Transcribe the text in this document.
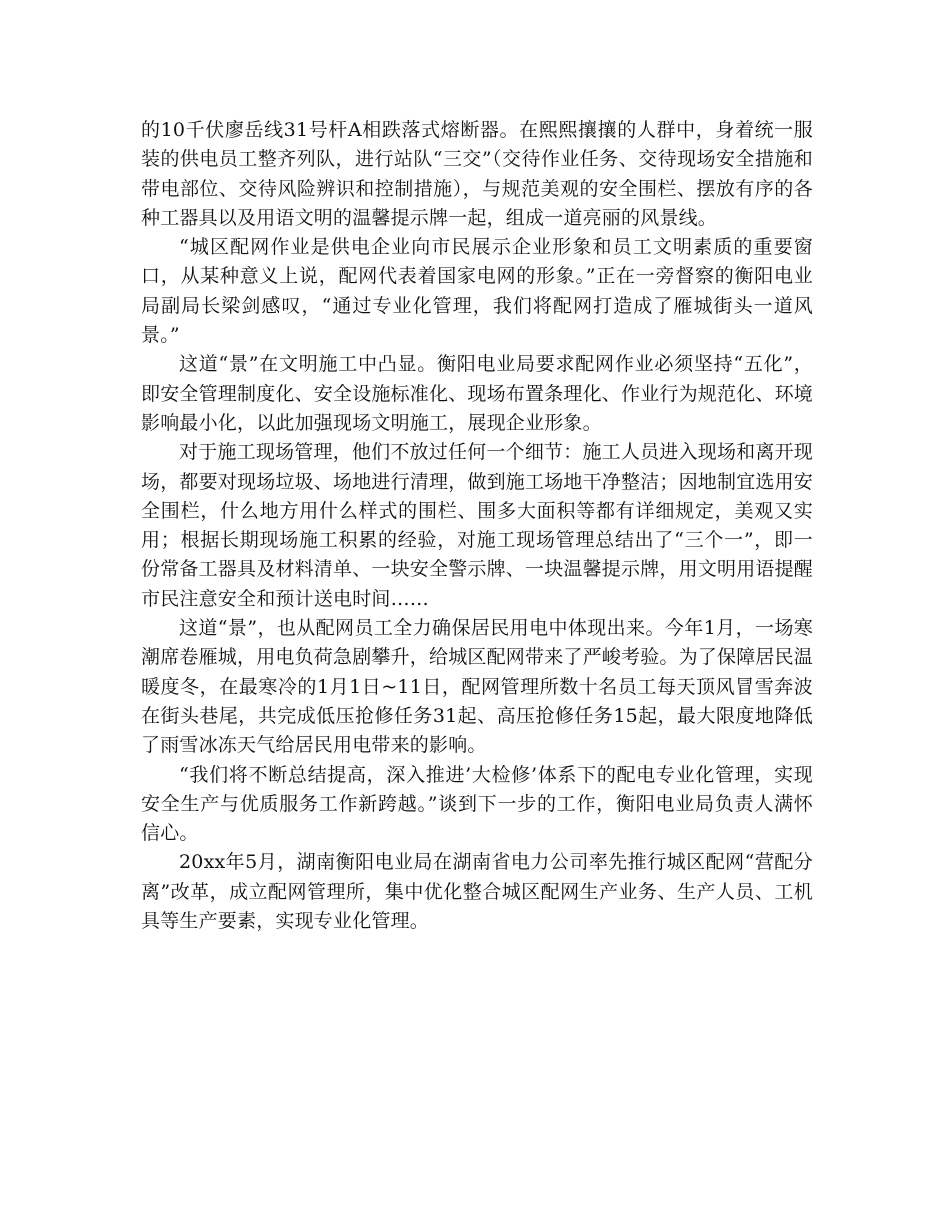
的10千伏廖岳线31号杆A相跌落式熔断器。在熙熙攘攘的人群中，身着统一服装的供电员工整齐列队，进行站队“三交”（交待作业任务、交待现场安全措施和带电部位、交待风险辨识和控制措施），与规范美观的安全围栏、摆放有序的各种工器具以及用语文明的温馨提示牌一起，组成一道亮丽的风景线。

“城区配网作业是供电企业向市民展示企业形象和员工文明素质的重要窗口，从某种意义上说，配网代表着国家电网的形象。”正在一旁督察的衡阳电业局副局长梁剑感叹，“通过专业化管理，我们将配网打造成了雁城街头一道风景。”

这道“景”在文明施工中凸显。衡阳电业局要求配网作业必须坚持“五化”，即安全管理制度化、安全设施标准化、现场布置条理化、作业行为规范化、环境影响最小化，以此加强现场文明施工，展现企业形象。

对于施工现场管理，他们不放过任何一个细节：施工人员进入现场和离开现场，都要对现场垃圾、场地进行清理，做到施工场地干净整洁；因地制宜选用安全围栏，什么地方用什么样式的围栏、围多大面积等都有详细规定，美观又实用；根据长期现场施工积累的经验，对施工现场管理总结出了“三个一”，即一份常备工器具及材料清单、一块安全警示牌、一块温馨提示牌，用文明用语提醒市民注意安全和预计送电时间……

这道“景”，也从配网员工全力确保居民用电中体现出来。今年1月，一场寒潮席卷雁城，用电负荷急剧攀升，给城区配网带来了严峻考验。为了保障居民温暖度冬，在最寒冷的1月1日~11日，配网管理所数十名员工每天顶风冒雪奔波在街头巷尾，共完成低压抢修任务31起、高压抢修任务15起，最大限度地降低了雨雪冰冻天气给居民用电带来的影响。

“我们将不断总结提高，深入推进’大检修’体系下的配电专业化管理，实现安全生产与优质服务工作新跨越。”谈到下一步的工作，衡阳电业局负责人满怀信心。

20xx年5月，湖南衡阳电业局在湖南省电力公司率先推行城区配网“营配分离”改革，成立配网管理所，集中优化整合城区配网生产业务、生产人员、工机具等生产要素，实现专业化管理。
